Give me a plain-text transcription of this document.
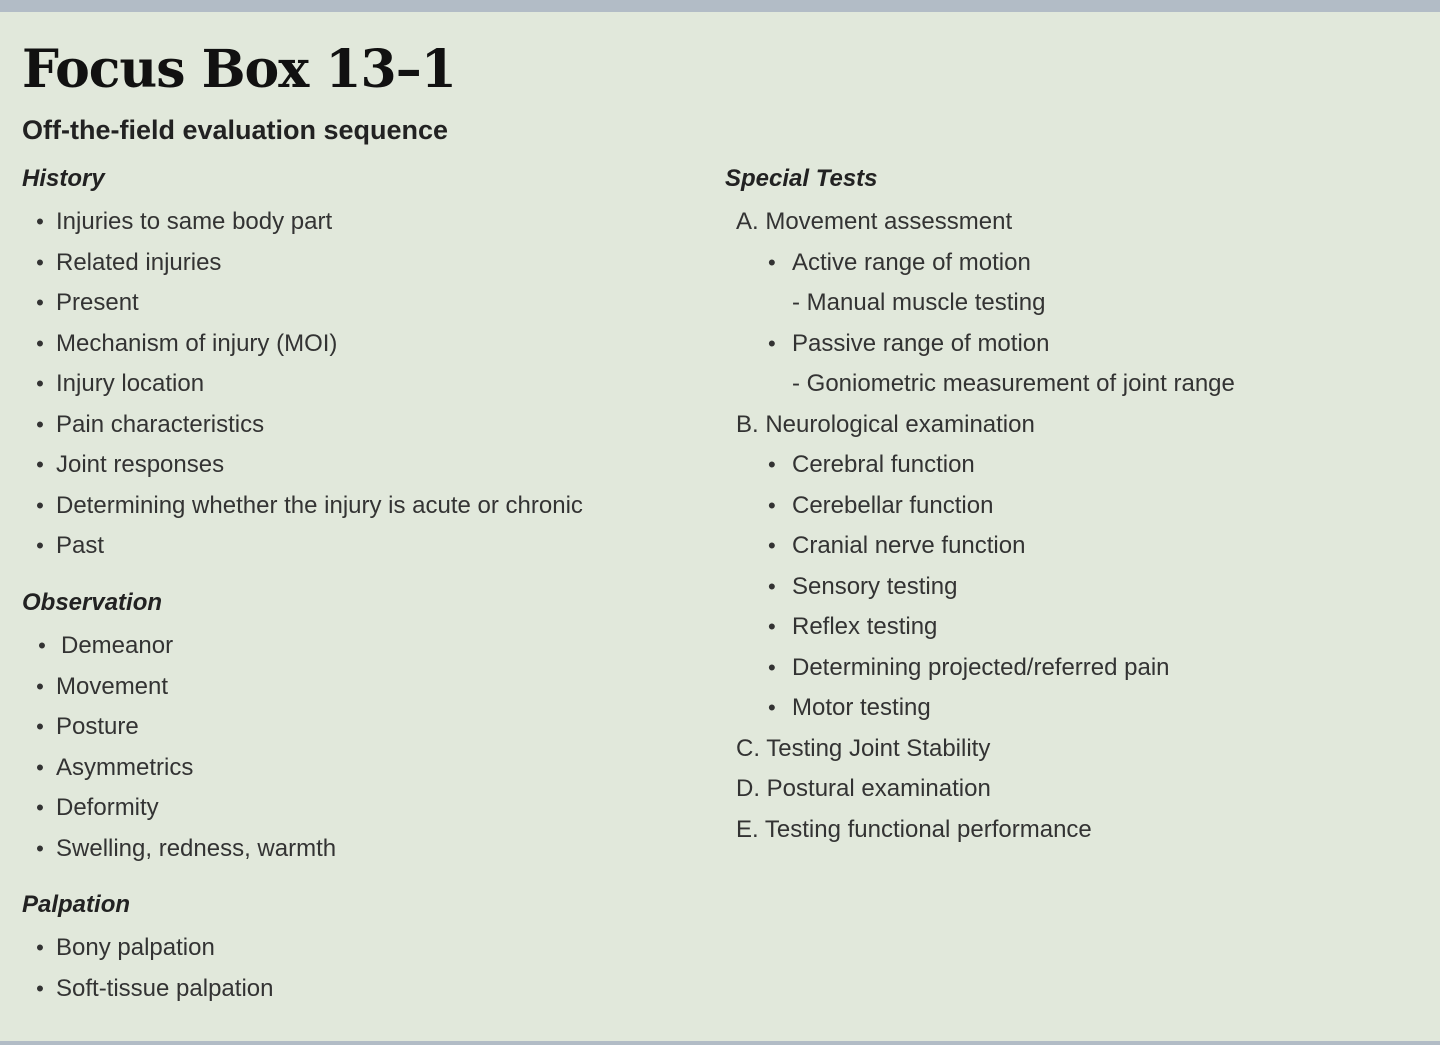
Focus Box 13–1
Off-the-field evaluation sequence
History
• Injuries to same body part
• Related injuries
• Present
• Mechanism of injury (MOI)
• Injury location
• Pain characteristics
• Joint responses
• Determining whether the injury is acute or chronic
• Past
Observation
• Demeanor
• Movement
• Posture
• Asymmetrics
• Deformity
• Swelling, redness, warmth
Palpation
• Bony palpation
• Soft-tissue palpation
Special Tests
A. Movement assessment
• Active range of motion
- Manual muscle testing
• Passive range of motion
- Goniometric measurement of joint range
B. Neurological examination
• Cerebral function
• Cerebellar function
• Cranial nerve function
• Sensory testing
• Reflex testing
• Determining projected/referred pain
• Motor testing
C. Testing Joint Stability
D. Postural examination
E. Testing functional performance
